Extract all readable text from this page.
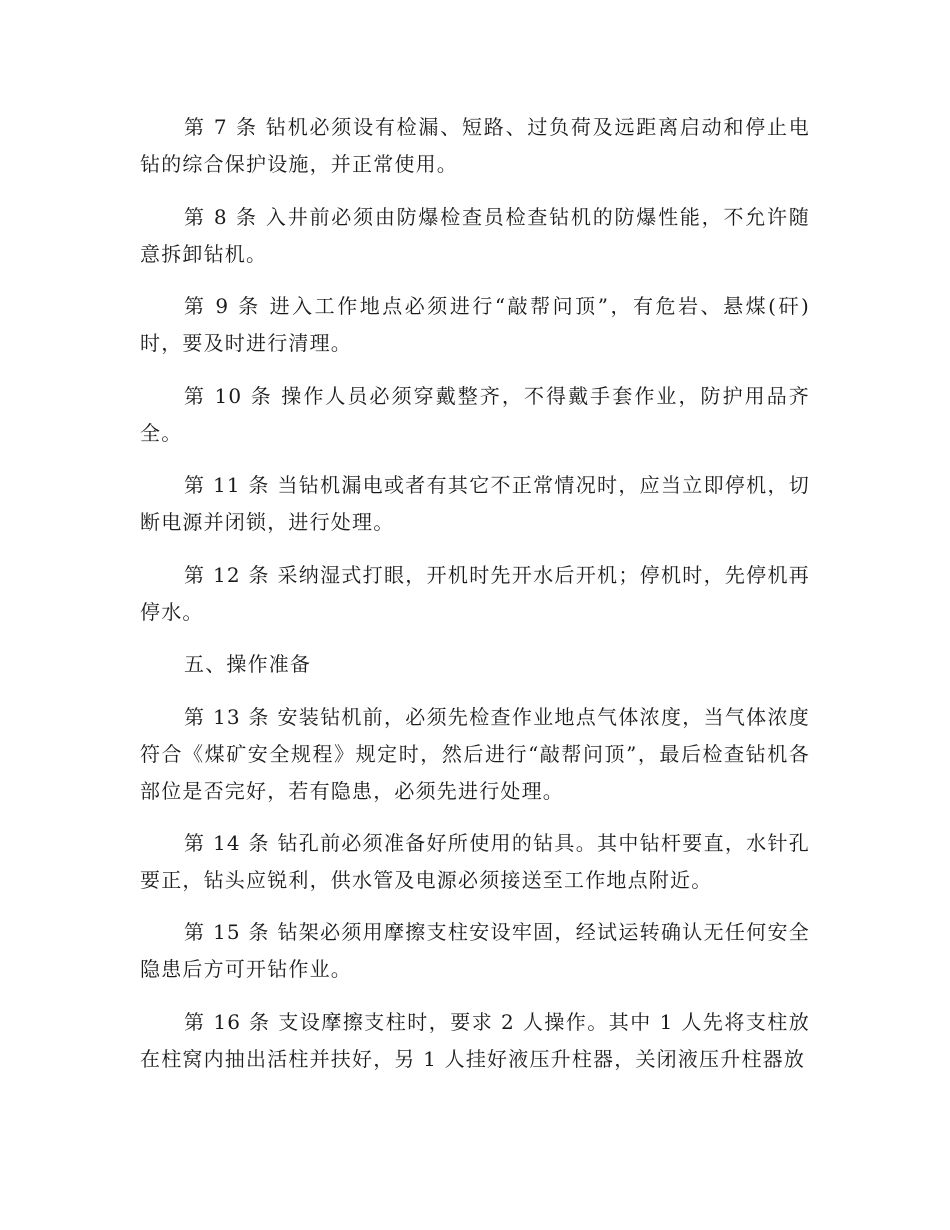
第 7 条 钻机必须设有检漏、短路、过负荷及远距离启动和停止电钻的综合保护设施，并正常使用。

第 8 条 入井前必须由防爆检查员检查钻机的防爆性能，不允许随意拆卸钻机。

第 9 条 进入工作地点必须进行“敲帮问顶”，有危岩、悬煤(矸)时，要及时进行清理。

第 10 条 操作人员必须穿戴整齐，不得戴手套作业，防护用品齐全。

第 11 条 当钻机漏电或者有其它不正常情况时，应当立即停机，切断电源并闭锁，进行处理。

第 12 条 采纳湿式打眼，开机时先开水后开机；停机时，先停机再停水。

五、操作准备

第 13 条 安装钻机前，必须先检查作业地点气体浓度，当气体浓度符合《煤矿安全规程》规定时，然后进行“敲帮问顶”，最后检查钻机各部位是否完好，若有隐患，必须先进行处理。

第 14 条 钻孔前必须准备好所使用的钻具。其中钻杆要直，水针孔要正，钻头应锐利，供水管及电源必须接送至工作地点附近。

第 15 条 钻架必须用摩擦支柱安设牢固，经试运转确认无任何安全隐患后方可开钻作业。

第 16 条 支设摩擦支柱时，要求 2 人操作。其中 1 人先将支柱放在柱窝内抽出活柱并扶好，另 1 人挂好液压升柱器，关闭液压升柱器放
